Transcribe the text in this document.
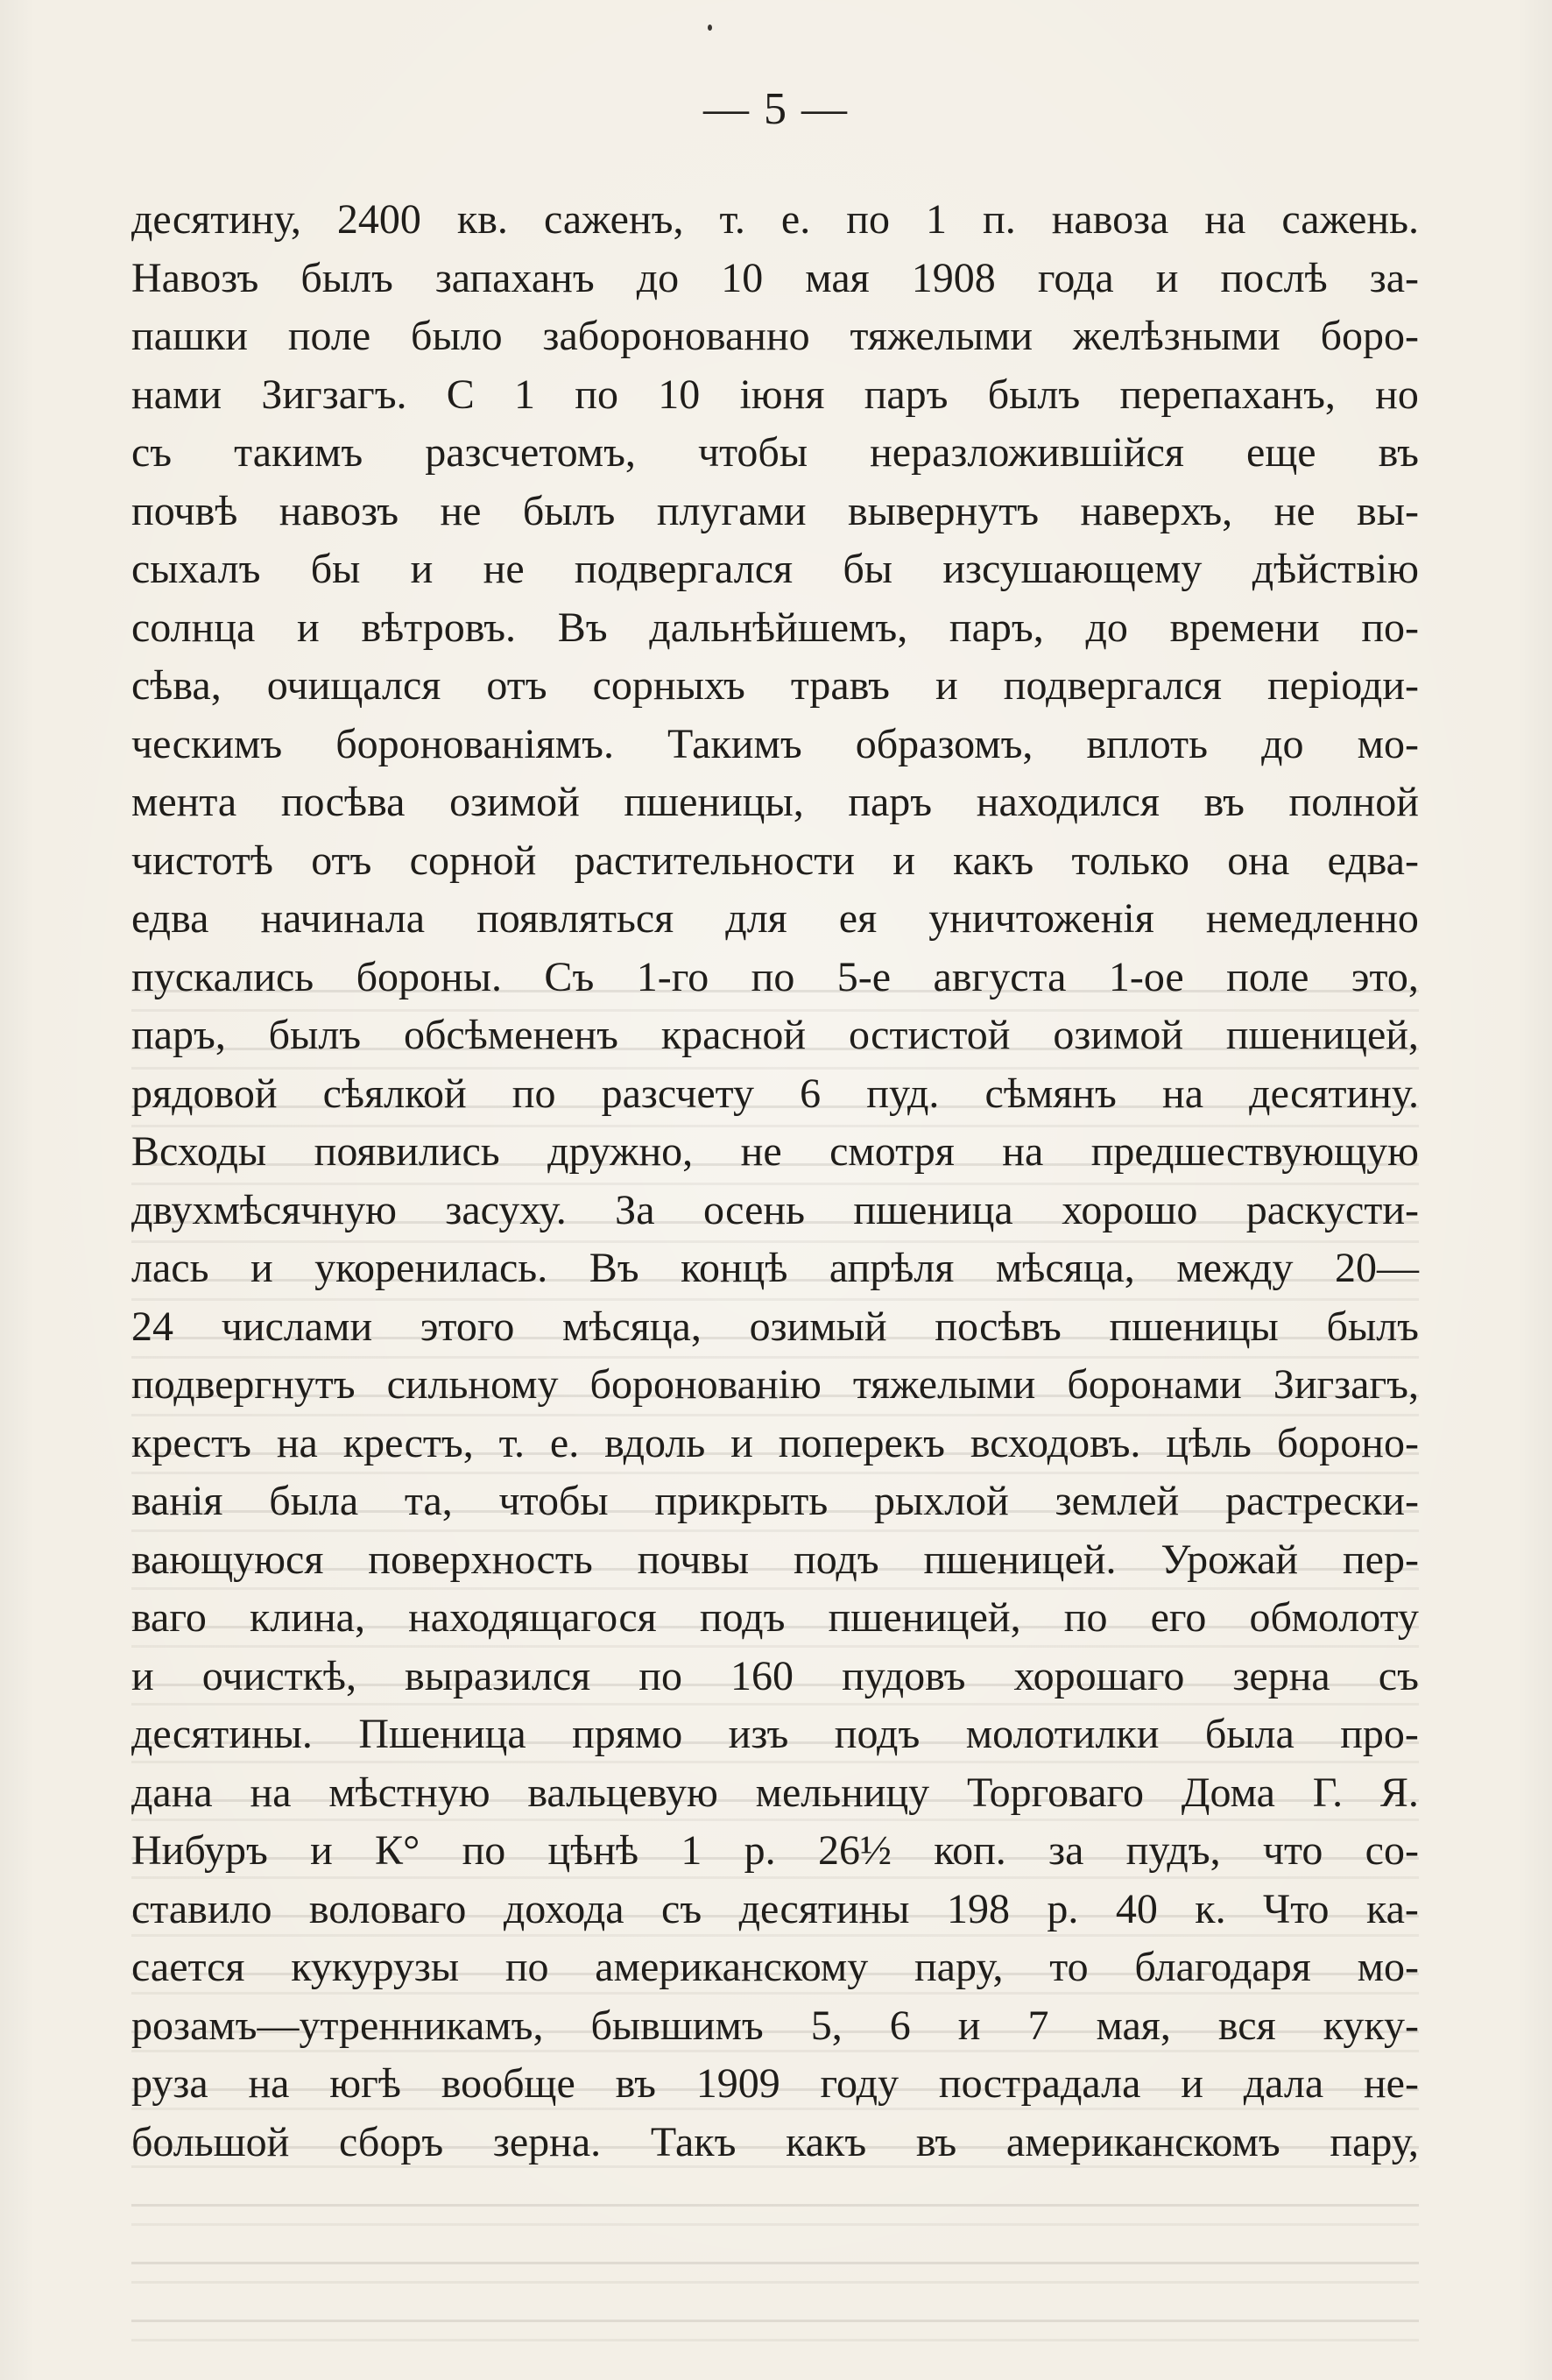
— 5 —
десятину, 2400 кв. саженъ, т. е. по 1 п. навоза на сажень.
Навозъ былъ запаханъ до 10 мая 1908 года и послѣ за-
пашки поле было заборонованно тяжелыми желѣзными боро-
нами Зигзагъ. С 1 по 10 іюня паръ былъ перепаханъ, но
съ такимъ разсчетомъ, чтобы неразложившійся еще въ
почвѣ навозъ не былъ плугами вывернутъ наверхъ, не вы-
сыхалъ бы и не подвергался бы изсушающему дѣйствію
солнца и вѣтровъ. Въ дальнѣйшемъ, паръ, до времени по-
сѣва, очищался отъ сорныхъ травъ и подвергался періоди-
ческимъ боронованіямъ. Такимъ образомъ, вплоть до мо-
мента посѣва озимой пшеницы, паръ находился въ полной
чистотѣ отъ сорной растительности и какъ только она едва-
едва начинала появляться для ея уничтоженія немедленно
пускались бороны. Съ 1-го по 5-е августа 1-ое поле это,
паръ, былъ обсѣмененъ красной остистой озимой пшеницей,
рядовой сѣялкой по разсчету 6 пуд. сѣмянъ на десятину.
Всходы появились дружно, не смотря на предшествующую
двухмѣсячную засуху. За осень пшеница хорошо раскусти-
лась и укоренилась. Въ концѣ апрѣля мѣсяца, между 20—
24 числами этого мѣсяца, озимый посѣвъ пшеницы былъ
подвергнутъ сильному боронованію тяжелыми боронами Зигзагъ,
крестъ на крестъ, т. е. вдоль и поперекъ всходовъ. цѣль бороно-
ванія была та, чтобы прикрыть рыхлой землей растрески-
вающуюся поверхность почвы подъ пшеницей. Урожай пер-
ваго клина, находящагося подъ пшеницей, по его обмолоту
и очисткѣ, выразился по 160 пудовъ хорошаго зерна съ
десятины. Пшеница прямо изъ подъ молотилки была про-
дана на мѣстную вальцевую мельницу Торговаго Дома Г. Я.
Нибуръ и К° по цѣнѣ 1 р. 26½ коп. за пудъ, что со-
ставило воловаго дохода съ десятины 198 р. 40 к. Что ка-
сается кукурузы по американскому пару, то благодаря мо-
розамъ—утренникамъ, бывшимъ 5, 6 и 7 мая, вся куку-
руза на югѣ вообще въ 1909 году пострадала и дала не-
большой сборъ зерна. Такъ какъ въ американскомъ пару,
